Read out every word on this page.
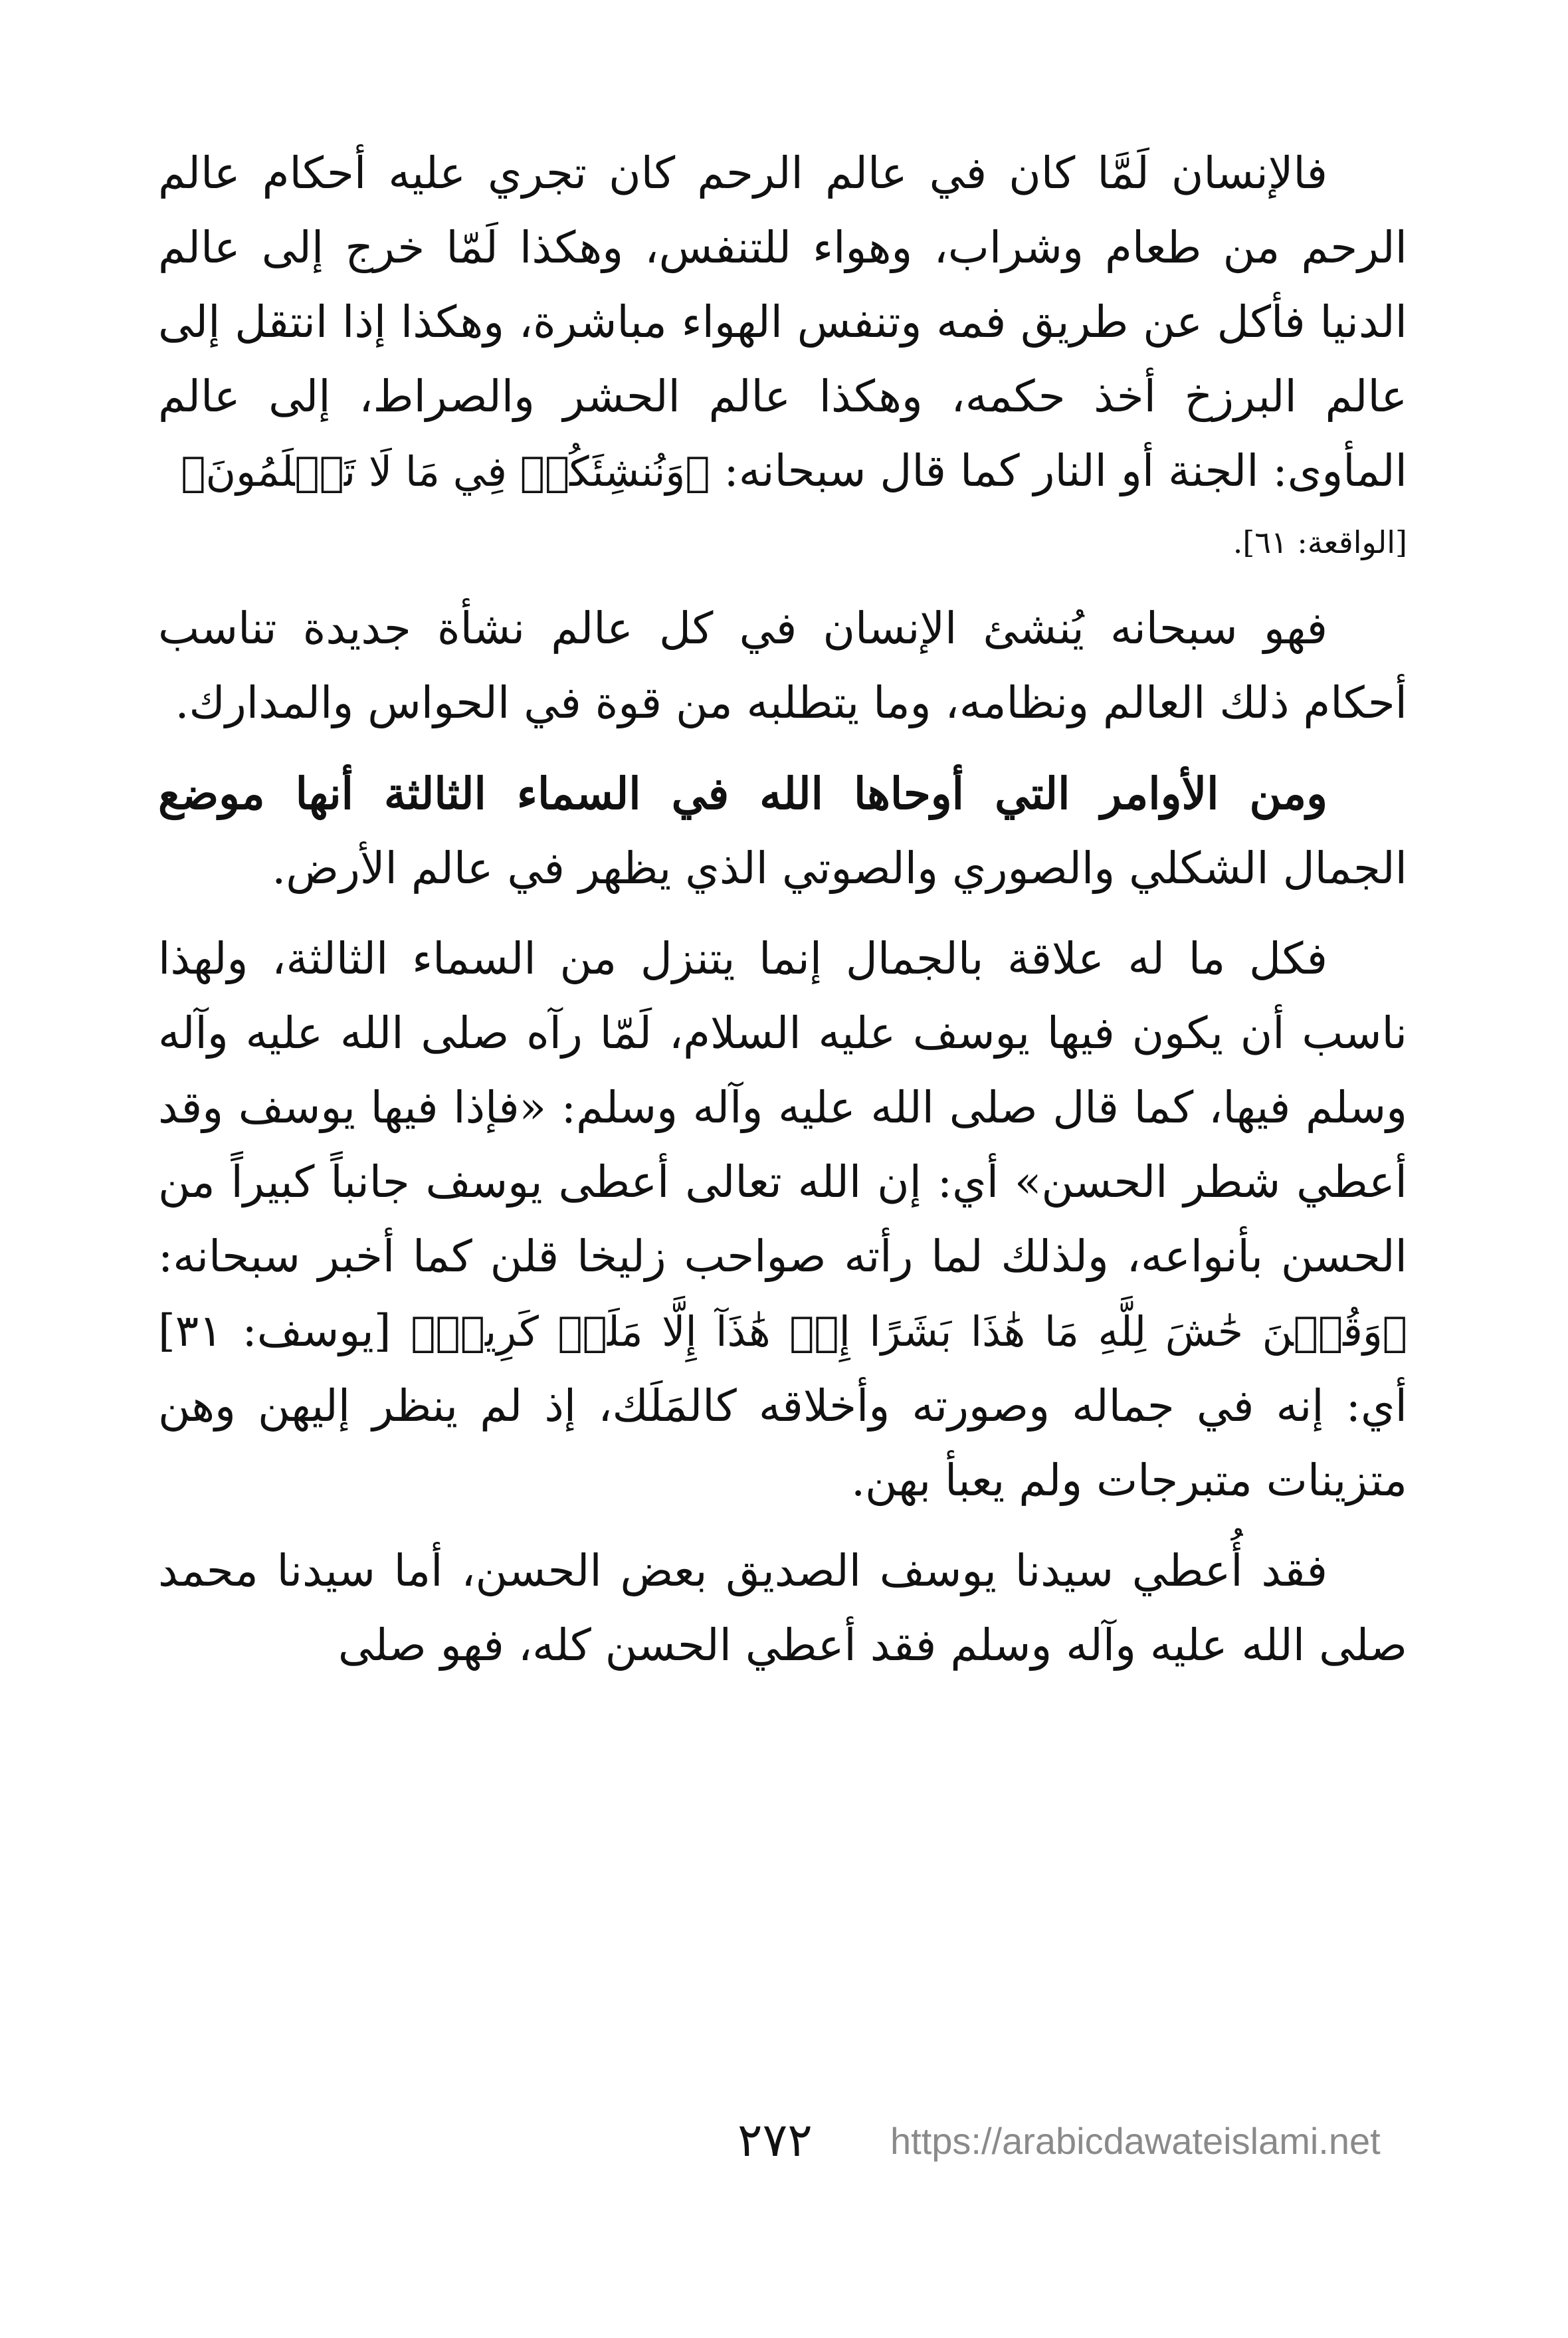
فالإنسان لَمَّا كان في عالم الرحم كان تجري عليه أحكام عالم الرحم من طعام وشراب، وهواء للتنفس، وهكذا لَمّا خرج إلى عالم الدنيا فأكل عن طريق فمه وتنفس الهواء مباشرة، وهكذا إذا انتقل إلى عالم البرزخ أخذ حكمه، وهكذا عالم الحشر والصراط، إلى عالم المأوى: الجنة أو النار كما قال سبحانه: ﴿وَنُنشِئَكُمۡ فِي مَا لَا تَعۡلَمُونَ﴾
[الواقعة: ٦١].

فهو سبحانه يُنشئ الإنسان في كل عالم نشأة جديدة تناسب أحكام ذلك العالم ونظامه، وما يتطلبه من قوة في الحواس والمدارك.

ومن الأوامر التي أوحاها الله في السماء الثالثة أنها موضع الجمال الشكلي والصوري والصوتي الذي يظهر في عالم الأرض.

فكل ما له علاقة بالجمال إنما يتنزل من السماء الثالثة، ولهذا ناسب أن يكون فيها يوسف عليه السلام، لَمّا رآه صلى الله عليه وآله وسلم فيها، كما قال صلى الله عليه وآله وسلم: «فإذا فيها يوسف وقد أعطي شطر الحسن» أي: إن الله تعالى أعطى يوسف جانباً كبيراً من الحسن بأنواعه، ولذلك لما رأته صواحب زليخا قلن كما أخبر سبحانه: ﴿وَقُلۡنَ حَٰشَ لِلَّهِ مَا هَٰذَا بَشَرًا إِنۡ هَٰذَآ إِلَّا مَلَكٞ كَرِيمٞ﴾ [يوسف: ٣١] أي: إنه في جماله وصورته وأخلاقه كالمَلَك، إذ لم ينظر إليهن وهن متزينات متبرجات ولم يعبأ بهن.

فقد أُعطي سيدنا يوسف الصديق بعض الحسن، أما سيدنا محمد صلى الله عليه وآله وسلم فقد أعطي الحسن كله، فهو صلى

٢٧٢ https://arabicdawateislami.net
